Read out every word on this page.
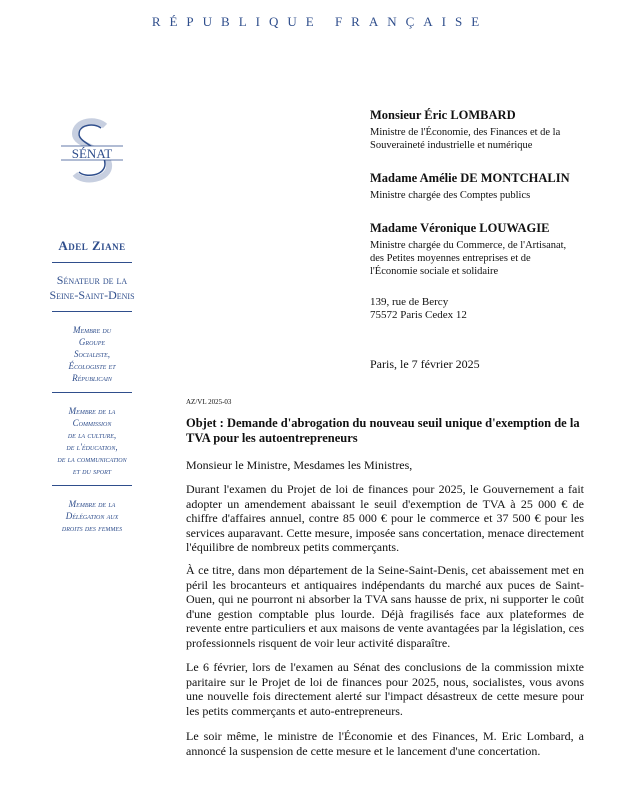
RÉPUBLIQUE FRANÇAISE
SÉNAT
Adel Ziane
Sénateur de la
Seine-Saint-Denis
Membre du
Groupe
Socialiste,
Écologiste et
Républicain
Membre de la
Commission
de la culture,
de l'éducation,
de la communication
et du sport
Membre de la
Délégation aux
droits des femmes
Monsieur Éric LOMBARD
Ministre de l'Économie, des Finances et de la Souveraineté industrielle et numérique
Madame Amélie DE MONTCHALIN
Ministre chargée des Comptes publics
Madame Véronique LOUWAGIE
Ministre chargée du Commerce, de l'Artisanat, des Petites moyennes entreprises et de l'Économie sociale et solidaire
139, rue de Bercy
75572 Paris Cedex 12
Paris, le 7 février 2025
AZ/VL 2025-03
Objet : Demande d'abrogation du nouveau seuil unique d'exemption de la TVA pour les autoentrepreneurs
Monsieur le Ministre, Mesdames les Ministres,
Durant l'examen du Projet de loi de finances pour 2025, le Gouvernement a fait adopter un amendement abaissant le seuil d'exemption de TVA à 25 000 € de chiffre d'affaires annuel, contre 85 000 € pour le commerce et 37 500 € pour les services auparavant. Cette mesure, imposée sans concertation, menace directement l'équilibre de nombreux petits commerçants.
À ce titre, dans mon département de la Seine-Saint-Denis, cet abaissement met en péril les brocanteurs et antiquaires indépendants du marché aux puces de Saint-Ouen, qui ne pourront ni absorber la TVA sans hausse de prix, ni supporter le coût d'une gestion comptable plus lourde. Déjà fragilisés face aux plateformes de revente entre particuliers et aux maisons de vente avantagées par la législation, ces professionnels risquent de voir leur activité disparaître.
Le 6 février, lors de l'examen au Sénat des conclusions de la commission mixte paritaire sur le Projet de loi de finances pour 2025, nous, socialistes, vous avons une nouvelle fois directement alerté sur l'impact désastreux de cette mesure pour les petits commerçants et auto-entrepreneurs.
Le soir même, le ministre de l'Économie et des Finances, M. Eric Lombard, a annoncé la suspension de cette mesure et le lancement d'une concertation.
